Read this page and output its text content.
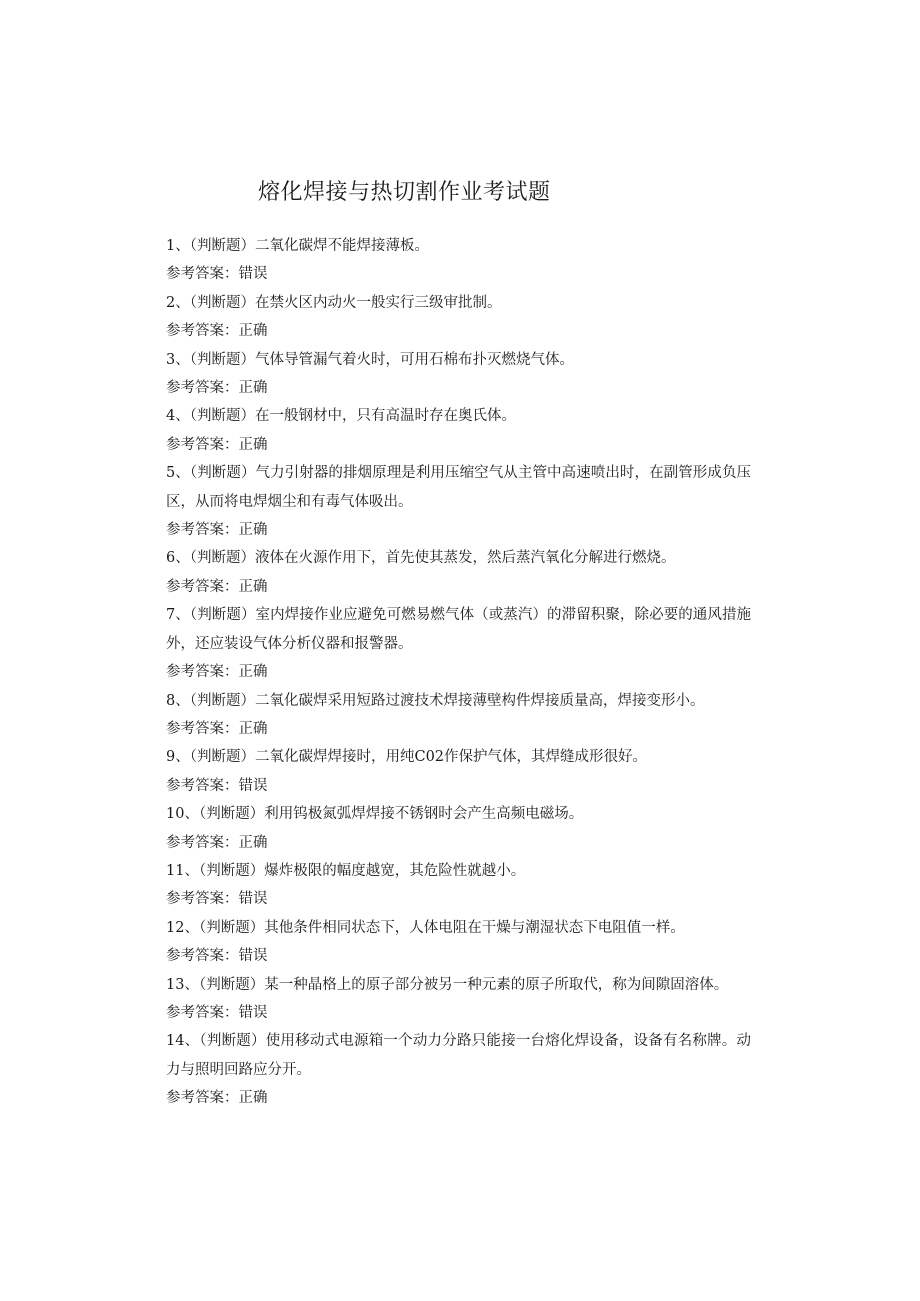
熔化焊接与热切割作业考试题
1、（判断题）二氧化碳焊不能焊接薄板。
参考答案：错误
2、（判断题）在禁火区内动火一般实行三级审批制。
参考答案：正确
3、（判断题）气体导管漏气着火时，可用石棉布扑灭燃烧气体。
参考答案：正确
4、（判断题）在一般钢材中，只有高温时存在奥氏体。
参考答案：正确
5、（判断题）气力引射器的排烟原理是利用压缩空气从主管中高速喷出时，在副管形成负压区，从而将电焊烟尘和有毒气体吸出。
参考答案：正确
6、（判断题）液体在火源作用下，首先使其蒸发，然后蒸汽氧化分解进行燃烧。
参考答案：正确
7、（判断题）室内焊接作业应避免可燃易燃气体（或蒸汽）的滞留积聚，除必要的通风措施外，还应装设气体分析仪器和报警器。
参考答案：正确
8、（判断题）二氧化碳焊采用短路过渡技术焊接薄壁构件焊接质量高，焊接变形小。
参考答案：正确
9、（判断题）二氧化碳焊焊接时，用纯C02作保护气体，其焊缝成形很好。
参考答案：错误
10、（判断题）利用钨极氮弧焊焊接不锈钢时会产生高频电磁场。
参考答案：正确
11、（判断题）爆炸极限的幅度越宽，其危险性就越小。
参考答案：错误
12、（判断题）其他条件相同状态下，人体电阻在干燥与潮湿状态下电阻值一样。
参考答案：错误
13、（判断题）某一种晶格上的原子部分被另一种元素的原子所取代，称为间隙固溶体。
参考答案：错误
14、（判断题）使用移动式电源箱一个动力分路只能接一台熔化焊设备，设备有名称牌。动力与照明回路应分开。
参考答案：正确
